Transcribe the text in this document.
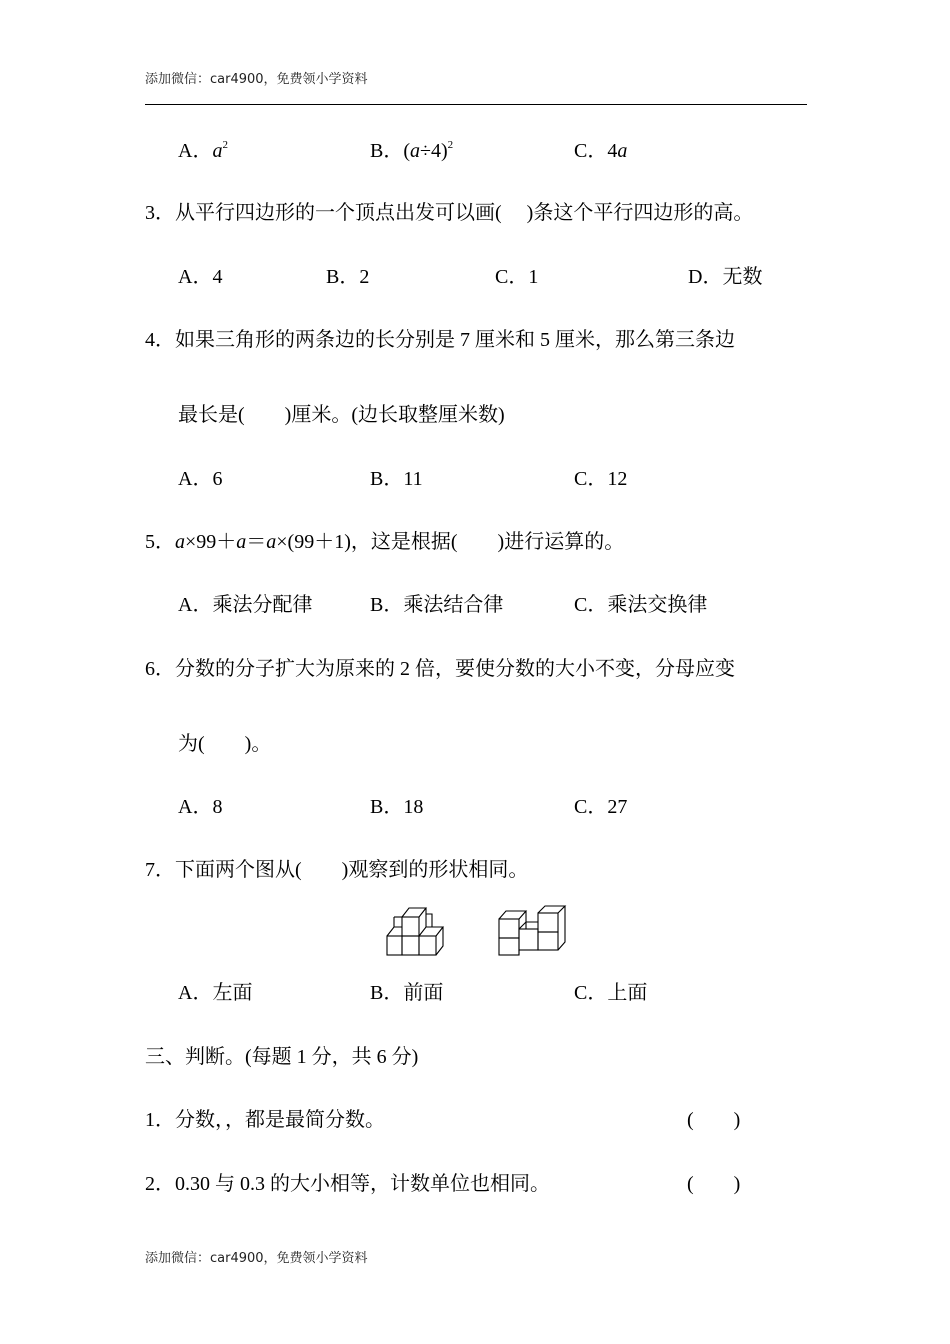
添加微信：car4900，免费领小学资料
A．$a^2$	B．$(a\div 4)^2$	C．4a
3．从平行四边形的一个顶点出发可以画(　 )条这个平行四边形的高。
A．4	B．2	C．1	D．无数
4．如果三角形的两条边的长分别是 7 厘米和 5 厘米，那么第三条边
最长是(　　)厘米。(边长取整厘米数)
A．6	B．11	C．12
5．a×99＋a＝a×(99＋1)，这是根据(　　)进行运算的。
A．乘法分配律	B．乘法结合律	C．乘法交换律
6．分数的分子扩大为原来的 2 倍，要使分数的大小不变，分母应变
为(　　)。
A．8	B．18	C．27
7．下面两个图从(　　)观察到的形状相同。
A．左面	B．前面	C．上面
三、判断。(每题 1 分，共 6 分)
1．分数，，都是最简分数。	(　　)
2．0.30 与 0.3 的大小相等，计数单位也相同。	(　　)
添加微信：car4900，免费领小学资料
